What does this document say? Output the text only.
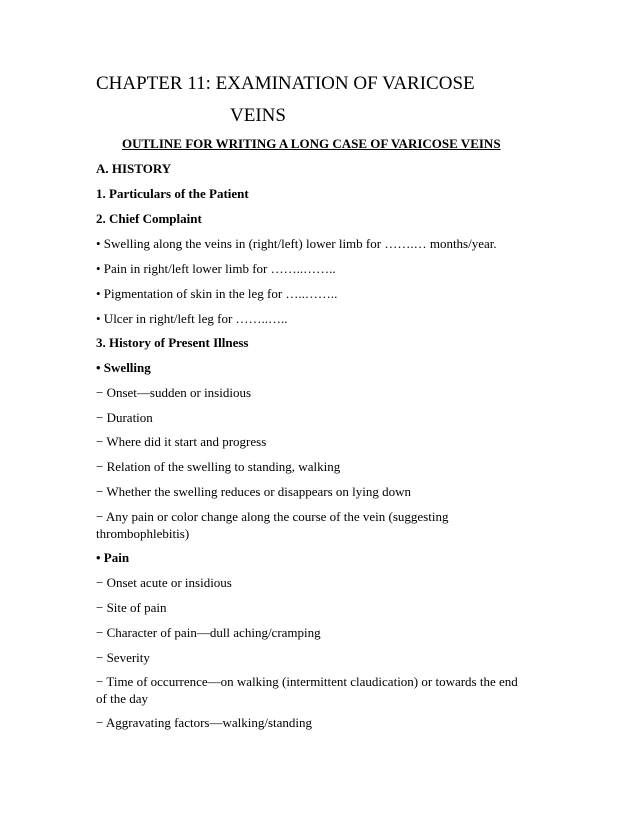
CHAPTER 11: EXAMINATION OF VARICOSE
VEINS
OUTLINE FOR WRITING A LONG CASE OF VARICOSE VEINS
A. HISTORY
1. Particulars of the Patient
2. Chief Complaint
• Swelling along the veins in (right/left) lower limb for …….… months/year.
• Pain in right/left lower limb for ……..……..
• Pigmentation of skin in the leg for …..……..
• Ulcer in right/left leg for ……..…..
3. History of Present Illness
• Swelling
− Onset—sudden or insidious
− Duration
− Where did it start and progress
− Relation of the swelling to standing, walking
− Whether the swelling reduces or disappears on lying down
− Any pain or color change along the course of the vein (suggesting thrombophlebitis)
• Pain
− Onset acute or insidious
− Site of pain
− Character of pain—dull aching/cramping
− Severity
− Time of occurrence—on walking (intermittent claudication) or towards the end of the day
− Aggravating factors—walking/standing
